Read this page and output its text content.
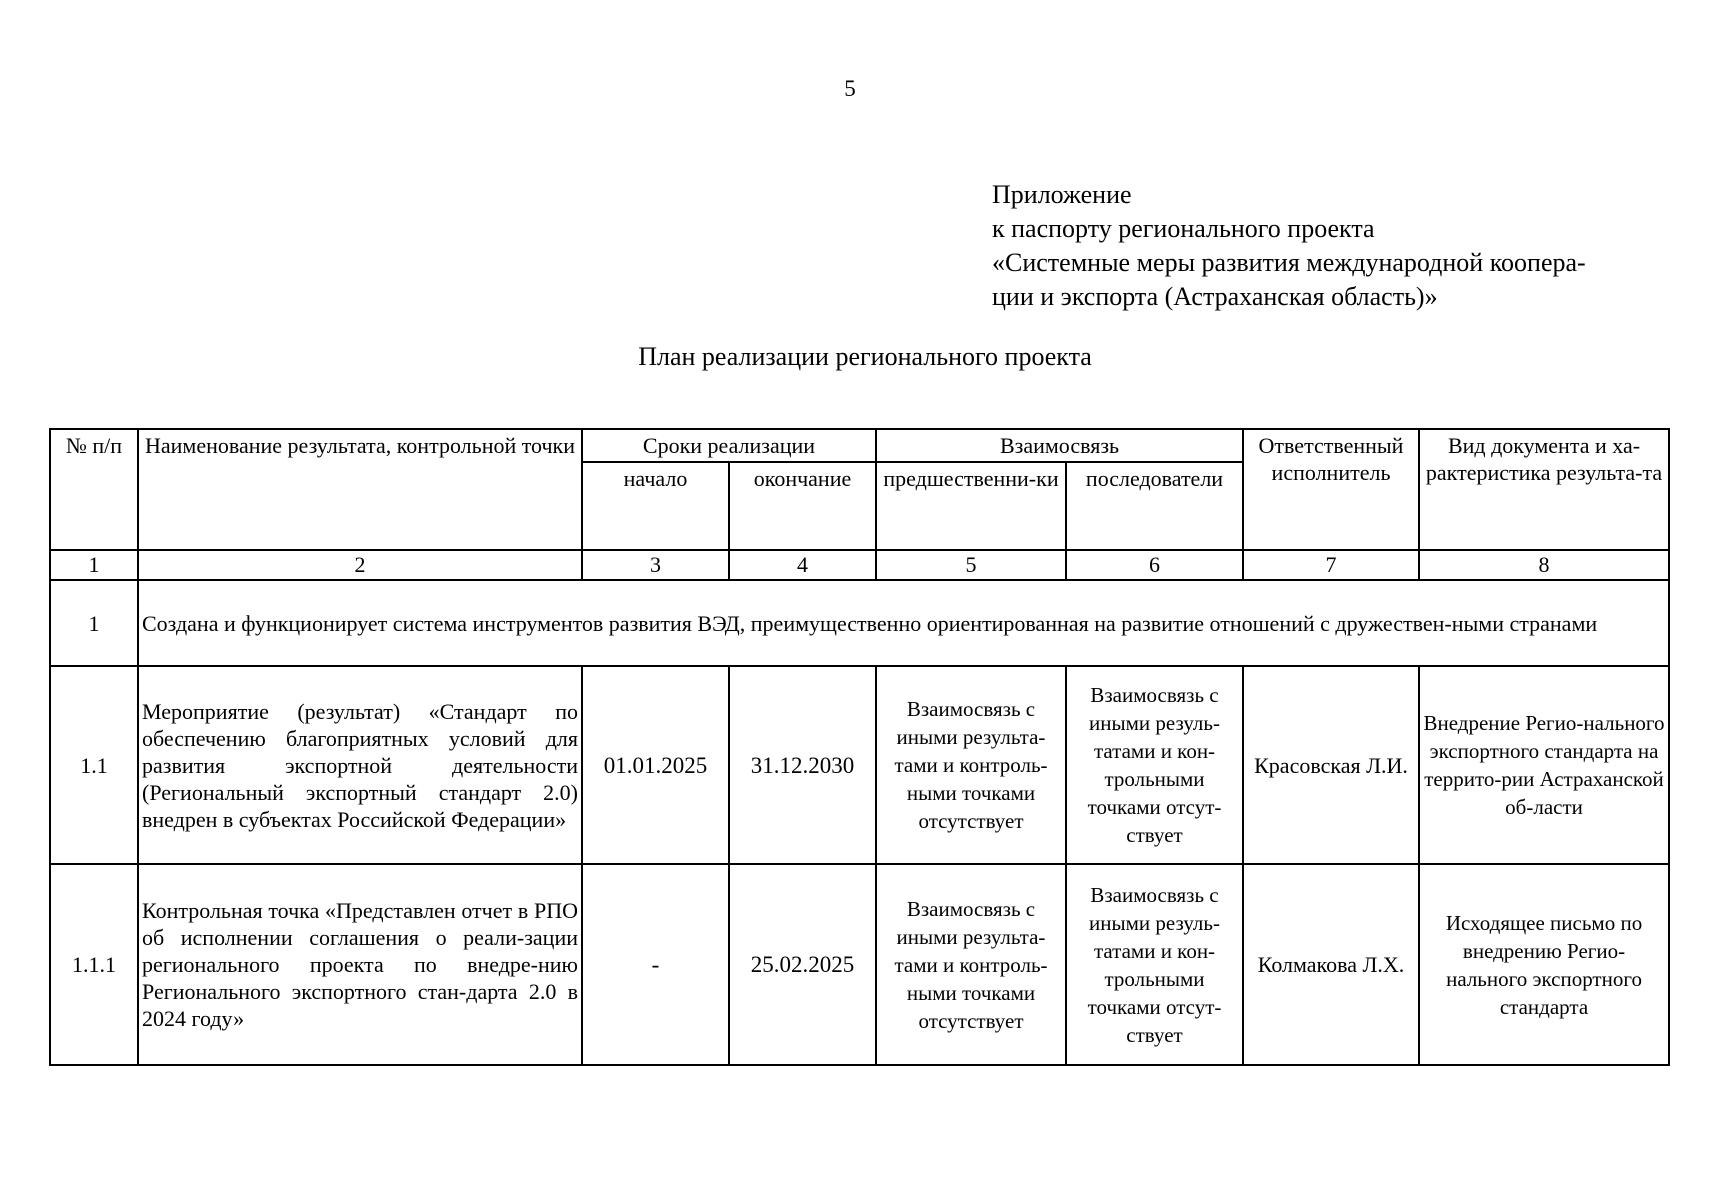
5
Приложение
к паспорту регионального проекта
«Системные меры развития международной коопера-
ции и экспорта (Астраханская область)»
План реализации регионального проекта
№ п/п	Наименование результата, контрольной точки	Сроки реализации		Взаимосвязь		Ответственный исполнитель	Вид документа и ха-рактеристика результа-та
		начало	окончание	предшественни-ки	последователи		
1	2	3	4	5	6	7	8
1	Создана и функционирует система инструментов развития ВЭД, преимущественно ориентированная на развитие отношений с дружествен-ными странами						
1.1	Мероприятие (результат) «Стандарт по обеспечению благоприятных условий для развития экспортной деятельности (Региональный экспортный стандарт 2.0) внедрен в субъектах Российской Федерации»	01.01.2025	31.12.2030	Взаимосвязь с иными результа-тами и контроль-ными точками отсутствует	Взаимосвязь с иными резуль-татами и кон-трольными точками отсут-ствует	Красовская Л.И.	Внедрение Регио-нального экспортного стандарта на террито-рии Астраханской об-ласти
1.1.1	Контрольная точка «Представлен отчет в РПО об исполнении соглашения о реали-зации регионального проекта по внедре-нию Регионального экспортного стан-дарта 2.0 в 2024 году»	-	25.02.2025	Взаимосвязь с иными результа-тами и контроль-ными точками отсутствует	Взаимосвязь с иными резуль-татами и кон-трольными точками отсут-ствует	Колмакова Л.Х.	Исходящее письмо по внедрению Регио-нального экспортного стандарта
